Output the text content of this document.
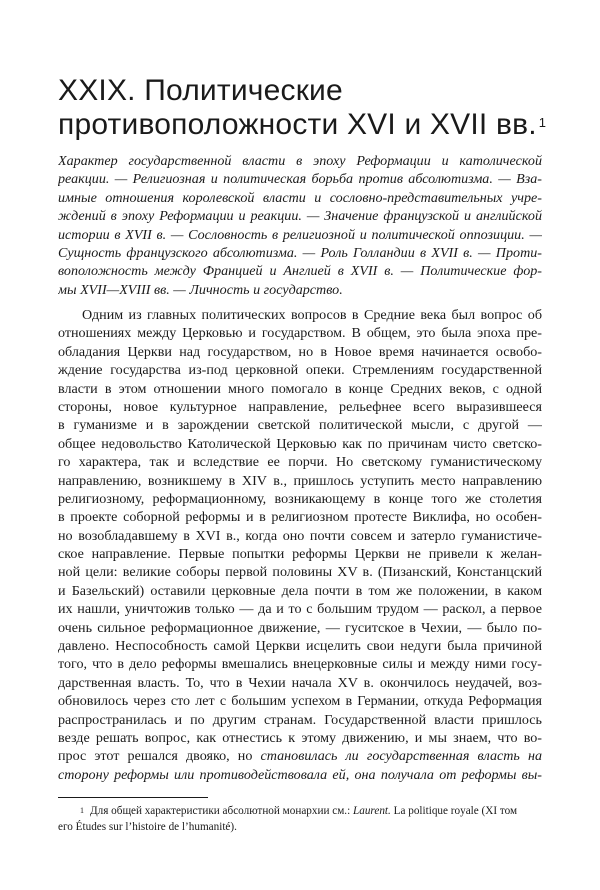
XXIX. Политические
противоположности XVI и XVII вв. $^1$
Характер государственной власти в эпоху Реформации и католической
реакции. — Религиозная и политическая борьба против абсолютизма. — Вза-
имные отношения королевской власти и сословно-представительных учре-
ждений в эпоху Реформации и реакции. — Значение французской и английской
истории в XVII в. — Сословность в религиозной и политической оппозиции. —
Сущность французского абсолютизма. — Роль Голландии в XVII в. — Проти-
воположность между Францией и Англией в XVII в. — Политические фор-
мы XVII—XVIII вв. — Личность и государство.
Одним из главных политических вопросов в Средние века был вопрос об
отношениях между Церковью и государством. В общем, это была эпоха пре-
обладания Церкви над государством, но в Новое время начинается освобо-
ждение государства из-под церковной опеки. Стремлениям государственной
власти в этом отношении много помогало в конце Средних веков, с одной
стороны, новое культурное направление, рельефнее всего выразившееся
в гуманизме и в зарождении светской политической мысли, с другой —
общее недовольство Католической Церковью как по причинам чисто светско-
го характера, так и вследствие ее порчи. Но светскому гуманистическому
направлению, возникшему в XIV в., пришлось уступить место направлению
религиозному, реформационному, возникающему в конце того же столетия
в проекте соборной реформы и в религиозном протесте Виклифа, но особен-
но возобладавшему в XVI в., когда оно почти совсем и затерло гуманистиче-
ское направление. Первые попытки реформы Церкви не привели к желан-
ной цели: великие соборы первой половины XV в. (Пизанский, Констанцский
и Базельский) оставили церковные дела почти в том же положении, в каком
их нашли, уничтожив только — да и то с большим трудом — раскол, а первое
очень сильное реформационное движение, — гуситское в Чехии, — было по-
давлено. Неспособность самой Церкви исцелить свои недуги была причиной
того, что в дело реформы вмешались внецерковные силы и между ними госу-
дарственная власть. То, что в Чехии начала XV в. окончилось неудачей, воз-
обновилось через сто лет с большим успехом в Германии, откуда Реформация
распространилась и по другим странам. Государственной власти пришлось
везде решать вопрос, как отнестись к этому движению, и мы знаем, что во-
прос этот решался двояко, но становилась ли государственная власть на
сторону реформы или противодействовала ей, она получала от реформы вы-
$^1$ Для общей характеристики абсолютной монархии см.: Laurent. La politique royale (XI том
его Études sur l’histoire de l’humanité).
